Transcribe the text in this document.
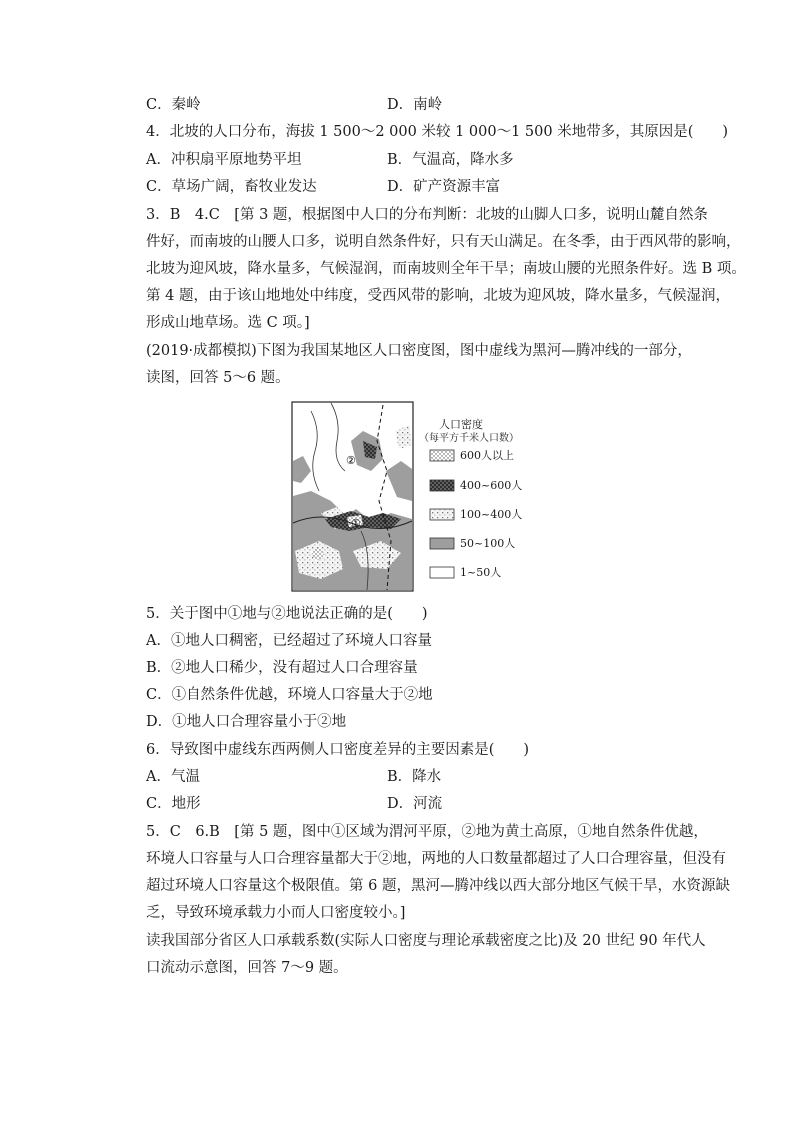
C．秦岭	D．南岭
4．北坡的人口分布，海拔 1 500～2 000 米较 1 000～1 500 米地带多，其原因是(　　)
A．冲积扇平原地势平坦	B．气温高，降水多
C．草场广阔，畜牧业发达	D．矿产资源丰富
3．B　4.C　[第 3 题，根据图中人口的分布判断：北坡的山脚人口多，说明山麓自然条
件好，而南坡的山腰人口多，说明自然条件好，只有天山满足。在冬季，由于西风带的影响，
北坡为迎风坡，降水量多，气候湿润，而南坡则全年干旱；南坡山腰的光照条件好。选 B 项。
第 4 题，由于该山地地处中纬度，受西风带的影响，北坡为迎风坡，降水量多，气候湿润，
形成山地草场。选 C 项。]
(2019·成都模拟)下图为我国某地区人口密度图，图中虚线为黑河—腾冲线的一部分，
读图，回答 5～6 题。
②
①
人口密度
（每平方千米人口数）
600人以上
400~600人
100~400人
50~100人
1~50人
5．关于图中①地与②地说法正确的是(　　)
A．①地人口稠密，已经超过了环境人口容量
B．②地人口稀少，没有超过人口合理容量
C．①自然条件优越，环境人口容量大于②地
D．①地人口合理容量小于②地
6．导致图中虚线东西两侧人口密度差异的主要因素是(　　)
A．气温	B．降水
C．地形	D．河流
5．C　6.B　[第 5 题，图中①区域为渭河平原，②地为黄土高原，①地自然条件优越，
环境人口容量与人口合理容量都大于②地，两地的人口数量都超过了人口合理容量，但没有
超过环境人口容量这个极限值。第 6 题，黑河—腾冲线以西大部分地区气候干旱，水资源缺
乏，导致环境承载力小而人口密度较小。]
读我国部分省区人口承载系数(实际人口密度与理论承载密度之比)及 20 世纪 90 年代人
口流动示意图，回答 7～9 题。
